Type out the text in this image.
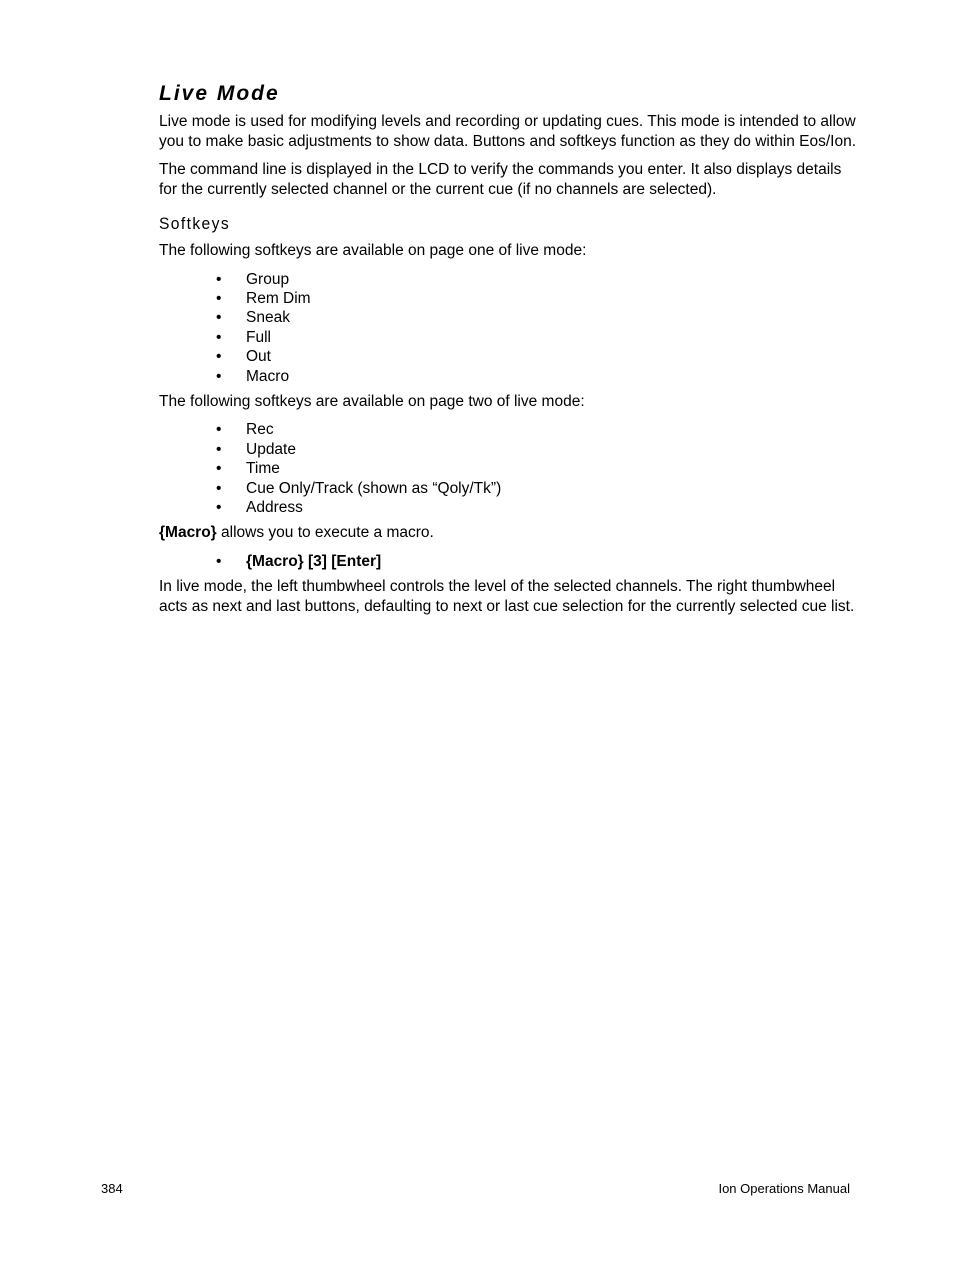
Live Mode

Live mode is used for modifying levels and recording or updating cues. This mode is intended to allow you to make basic adjustments to show data. Buttons and softkeys function as they do within Eos/Ion.

The command line is displayed in the LCD to verify the commands you enter. It also displays details for the currently selected channel or the current cue (if no channels are selected).

Softkeys

The following softkeys are available on page one of live mode:

• Group
• Rem Dim
• Sneak
• Full
• Out
• Macro

The following softkeys are available on page two of live mode:

• Rec
• Update
• Time
• Cue Only/Track (shown as “Qoly/Tk”)
• Address

{Macro} allows you to execute a macro.

• {Macro} [3] [Enter]

In live mode, the left thumbwheel controls the level of the selected channels. The right thumbwheel acts as next and last buttons, defaulting to next or last cue selection for the currently selected cue list.

384	Ion Operations Manual
